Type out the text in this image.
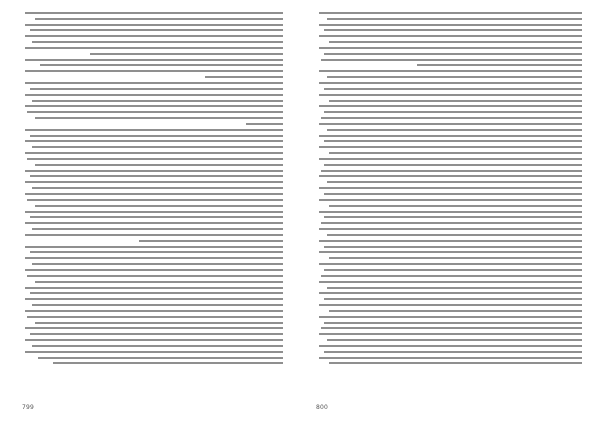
799	800
